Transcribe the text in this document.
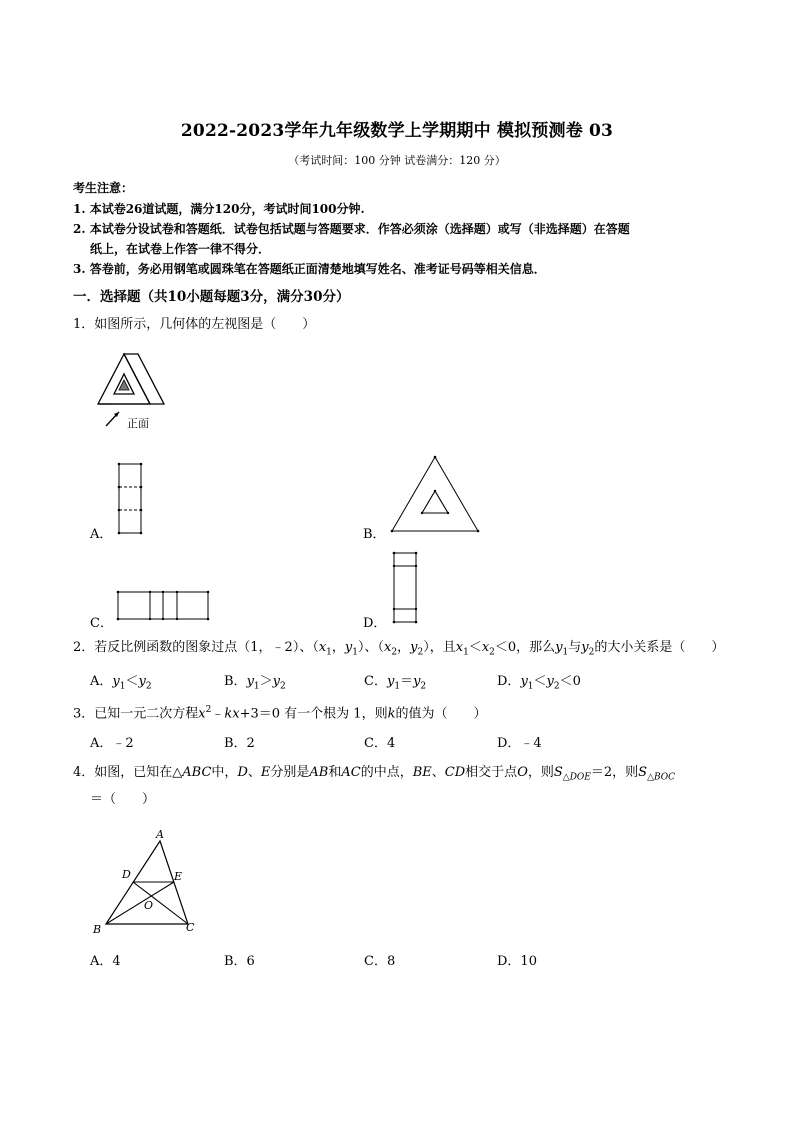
2022-2023学年九年级数学上学期期中 模拟预测卷 03
（考试时间：100 分钟 试卷满分：120 分）
考生注意：
1. 本试卷26道试题，满分120分，考试时间100分钟.
2. 本试卷分设试卷和答题纸．试卷包括试题与答题要求．作答必须涂（选择题）或写（非选择题）在答题
纸上，在试卷上作答一律不得分．
3. 答卷前，务必用钢笔或圆珠笔在答题纸正面清楚地填写姓名、准考证号码等相关信息．
一．选择题（共10小题每题3分，满分30分）
1．如图所示，几何体的左视图是（　　）
正面
A．	B．
C．	D．
2．若反比例函数的图象过点（1，﹣2）、（$x_1$，$y_1$）、（$x_2$，$y_2$），且$x_1<x_2<0$，那么$y_1$与$y_2$的大小关系是（　　）
A．$y_1<y_2$	B．$y_1>y_2$	C．$y_1=y_2$	D．$y_1<y_2<0$
3．已知一元二次方程$x^2﹣kx+3=0$ 有一个根为 1，则k的值为（　　）
A．﹣2	B．2	C．4	D．﹣4
4．如图，已知在△ABC中，D、E分别是AB和AC的中点，BE、CD相交于点O，则$S_{\triangle DOE}=2$，则$S_{\triangle BOC}$
＝（　　）
A
D	E
O
B	C
A．4	B．6	C．8	D．10
